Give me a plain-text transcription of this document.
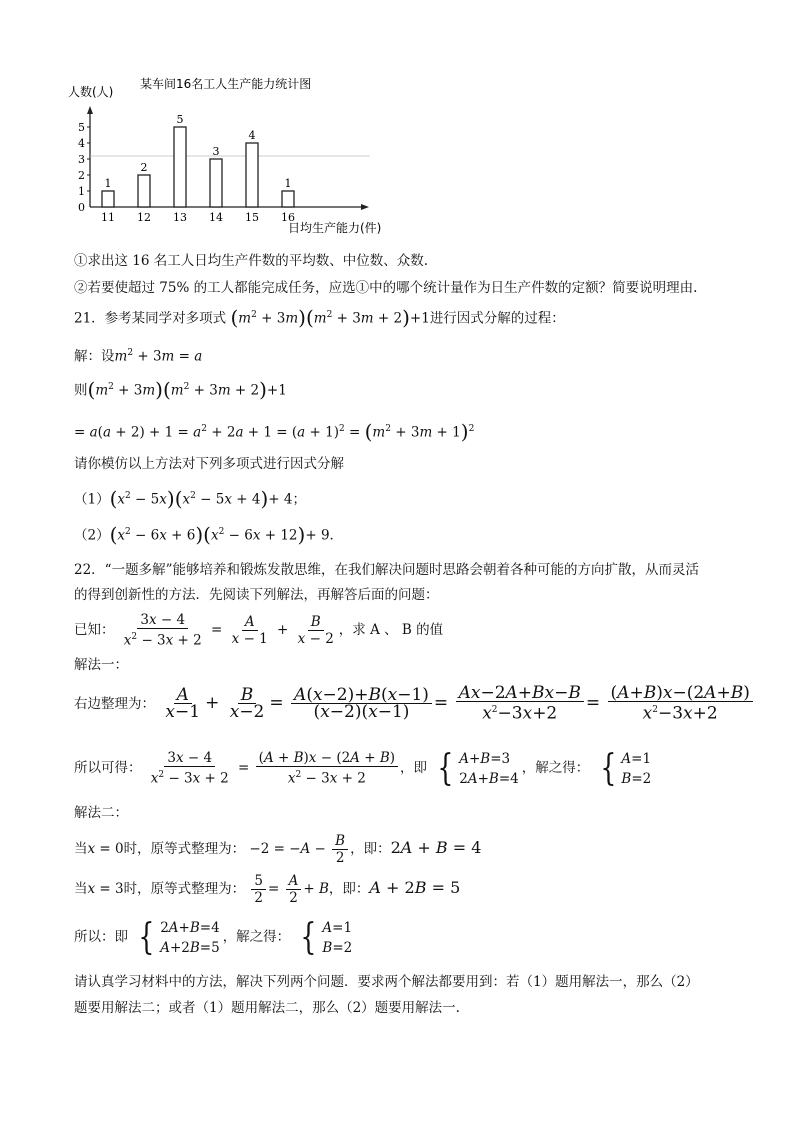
某车间16名工人生产能力统计图
人数(人)
日均生产能力(件)
0
1
2
3
4
5
1
11
2
12
5
13
3
14
4
15
1
16
①求出这 16 名工人日均生产件数的平均数、中位数、众数.
②若要使超过 75% 的工人都能完成任务，应选①中的哪个统计量作为日生产件数的定额？简要说明理由.
21．参考某同学对多项式 $(m^2 + 3m)(m^2 + 3m + 2)+1$进行因式分解的过程：
解：设$m^2 + 3m = a$
则$(m^2 + 3m)(m^2 + 3m + 2)+1$
= $a(a + 2) + 1 = a^2 + 2a + 1 = (a + 1)^2 = (m^2 + 3m + 1)^2$
请你模仿以上方法对下列多项式进行因式分解
$(1)(x^2 - 5x)(x^2 - 5x + 4)+ 4$；
$(2)(x^2 - 6x + 6)(x^2 - 6x + 12)+ 9$．
22．“一题多解”能够培养和锻炼发散思维，在我们解决问题时思路会朝着各种可能的方向扩散，从而灵活
的得到创新性的方法．先阅读下列解法，再解答后面的问题：
已知： $\frac{3x - 4}{x^2 - 3x + 2} = \frac{A}{x - 1} + \frac{B}{x - 2}$ ，求 A 、 B 的值
解法一：
右边整理为： $\frac{A}{x-1} + \frac{B}{x-2} = \frac{A(x-2)+B(x-1)}{(x-2)(x-1)} = \frac{Ax-2A+Bx-B}{x^2-3x+2} = \frac{(A+B)x-(2A+B)}{x^2-3x+2}$
所以可得： $\frac{3x - 4}{x^2 - 3x + 2} = \frac{(A + B)x - (2A + B)}{x^2 - 3x + 2}$ ，即 { A+B=3
2A+B=4
，解之得： { A=1
B=2
解法二：
当x = 0时，原等式整理为： $-2 = -A - \frac{B}{2}$ ，即：2A + B = 4
当x = 3时，原等式整理为： $\frac{5}{2} = \frac{A}{2} + B$，即：A + 2B = 5
所以：即 { 2A+B=4
A+2B=5
，解之得： { A=1
B=2
请认真学习材料中的方法，解决下列两个问题．要求两个解法都要用到：若（1）题用解法一，那么（2）
题要用解法二；或者（1）题用解法二，那么（2）题要用解法一.
